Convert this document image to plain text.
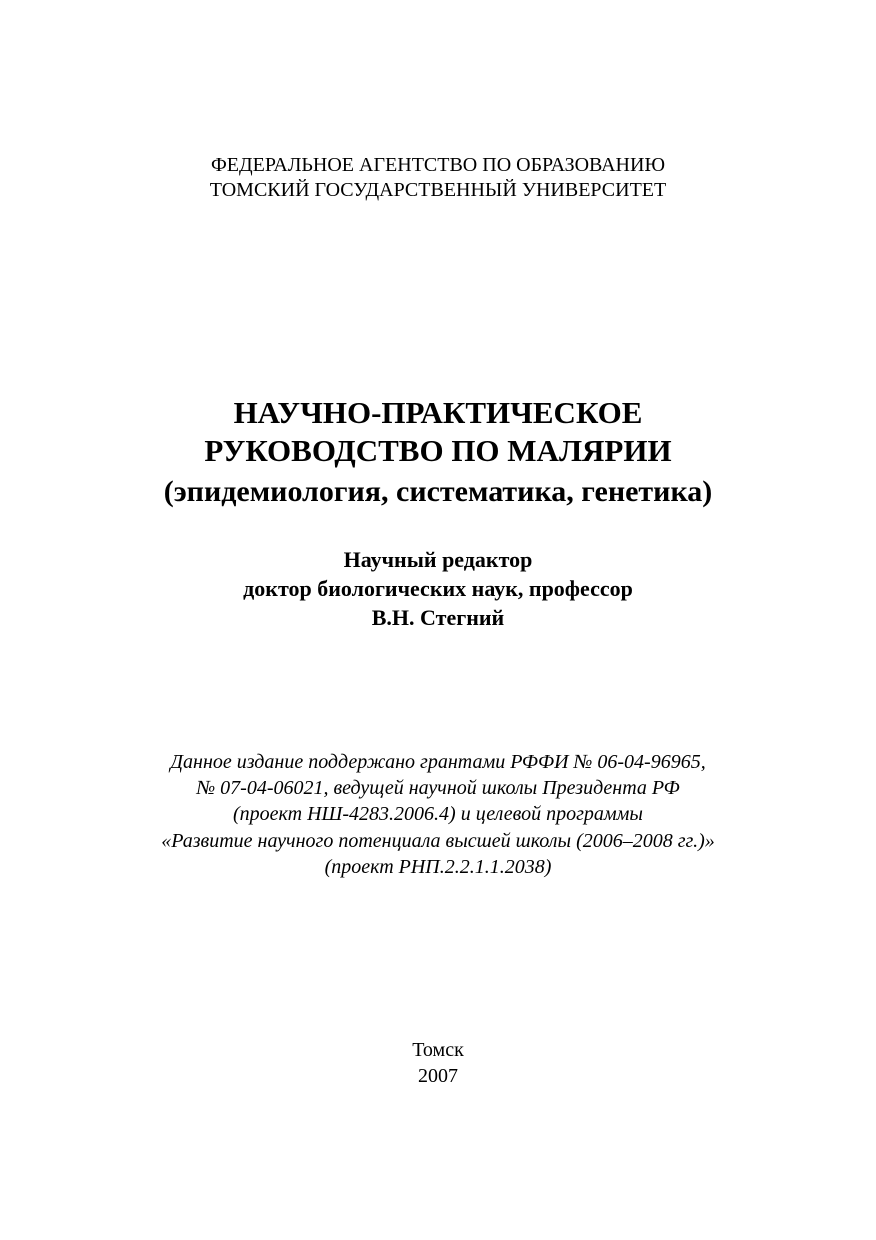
ФЕДЕРАЛЬНОЕ АГЕНТСТВО ПО ОБРАЗОВАНИЮ
ТОМСКИЙ ГОСУДАРСТВЕННЫЙ УНИВЕРСИТЕТ
НАУЧНО-ПРАКТИЧЕСКОЕ
РУКОВОДСТВО ПО МАЛЯРИИ
(эпидемиология, систематика, генетика)
Научный редактор
доктор биологических наук, профессор
В.Н. Стегний
Данное издание поддержано грантами РФФИ № 06-04-96965,
№ 07-04-06021, ведущей научной школы Президента РФ
(проект НШ-4283.2006.4) и целевой программы
«Развитие научного потенциала высшей школы (2006–2008 гг.)»
(проект РНП.2.2.1.1.2038)
Томск
2007
